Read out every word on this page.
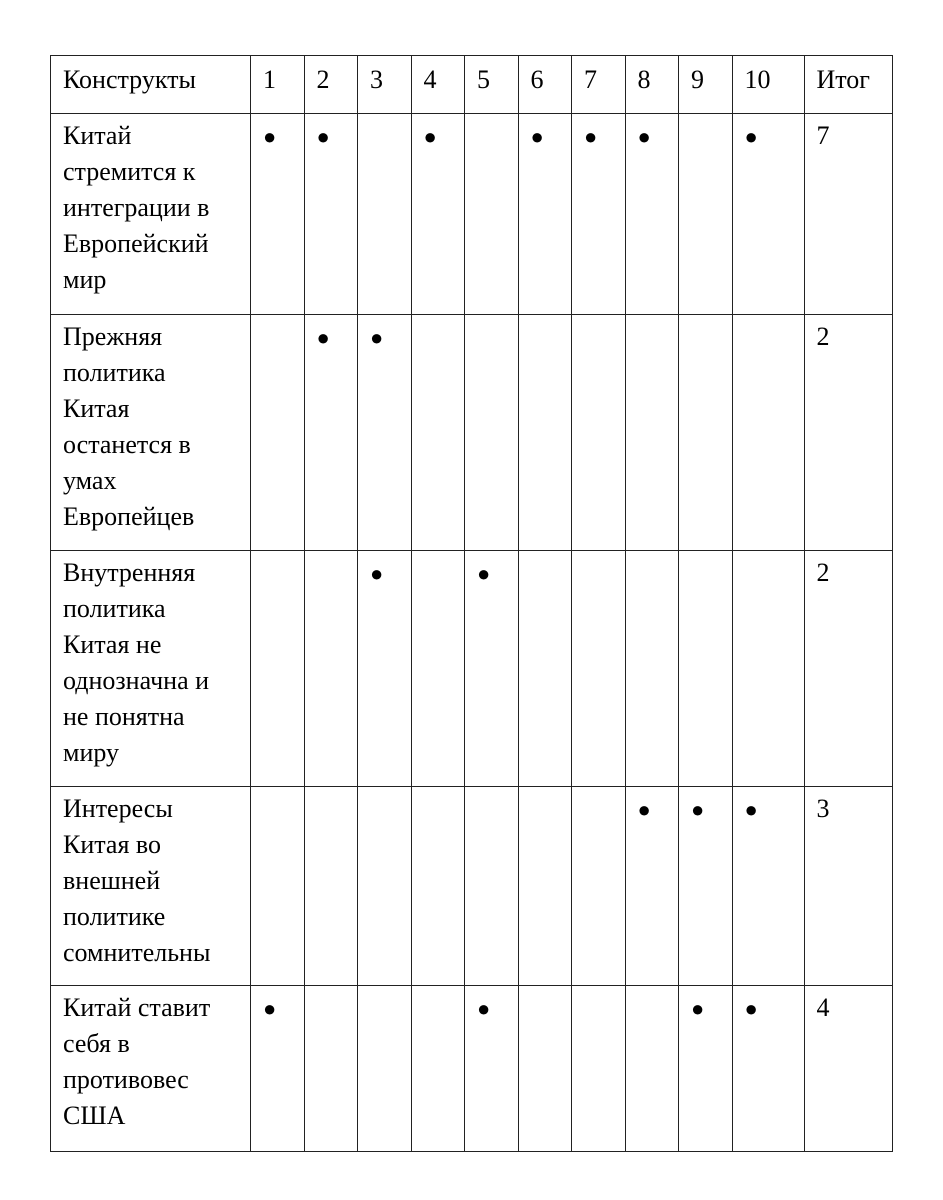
Конструкты	1	2	3	4	5	6	7	8	9	10	Итог
Китай стремится к интеграции в Европейский мир	●	●		●		●	●	●		●	7
Прежняя политика Китая останется в умах Европейцев		●	●								2
Внутренняя политика Китая не однозначна и не понятна миру			●		●						2
Интересы Китая во внешней политике сомнительны								●	●	●	3
Китай ставит себя в противовес США	●				●				●	●	4
